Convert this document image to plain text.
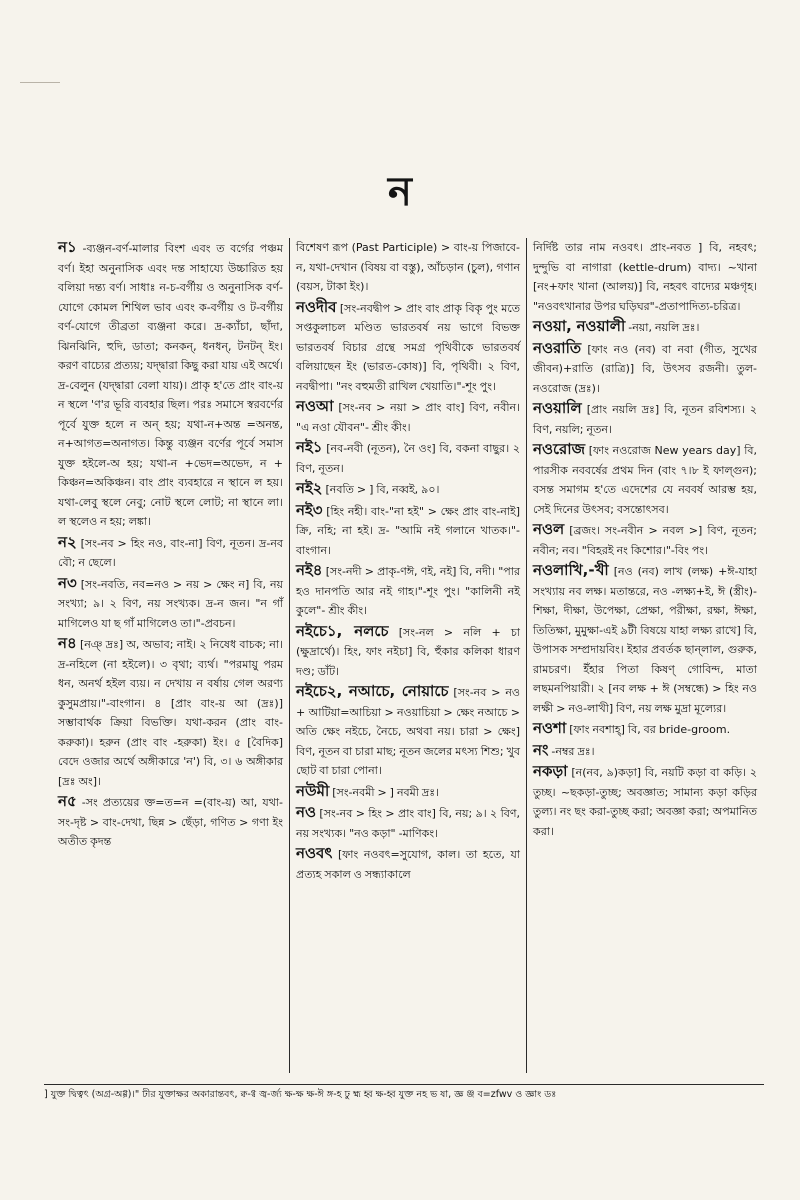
ন

ন১ -ব্যঞ্জন-বর্ণ-মালার বিংশ এবং ত বর্গের পঞ্চম বর্ণ। ইহা অনুনাসিক এবং দন্ত সাহায্যে উচ্চারিত হয় বলিয়া দন্ত্য বর্ণ। সাধাঃ ন-চ-বর্গীয় ও অনুনাসিক বর্ণ-যোগে কোমল শিথিল ভাব এবং ক-বর্গীয় ও ট-বর্গীয় বর্ণ-যোগে তীব্রতা ব্যঞ্জনা করে। দ্র-ক্যাঁচা, ছাঁদা, ঝিনঝিনি, হুদি, ডাতা; কনকন্, ধনধন্, টনটন্ ইং। করণ বাচ্যের প্রত্যয়; যদ্দ্বারা কিছু করা যায় এই অর্থে। দ্র-বেলুন (যদ্দ্বারা বেলা যায়)। প্রাকৃ হ'তে প্রাং বাং-য় ন স্থলে 'ণ'র ভূরি ব্যবহার ছিল। পরঃ সমাসে স্বরবর্ণের পূর্বে যুক্ত হলে ন অন্ হয়; যথা-ন+অন্ত =অনন্ত, ন+আগত=অনাগত। কিন্তু ব্যঞ্জন বর্ণের পূর্বে সমাস যুক্ত হইলে-অ হয়; যথা-ন +ভেদ=অভেদ, ন + কিঞ্চন=অকিঞ্চন। বাং প্রাং ব্যবহারে ন স্থানে ল হয়। যথা-লেবু স্থলে নেবু; নোট স্থলে লোট; না স্থানে লা। ল স্থলেও ন হয়; লঙ্কা।

ন২ [সং-নব > হিং নও, বাং-না] বিণ, নূতন। দ্র-নব বৌ; ন ছেলে।

ন৩ [সং-নবতি, নব=নও > নয় > ক্ষেং ন] বি, নয় সংখ্যা; ৯। ২ বিণ, নয় সংখ্যক। দ্র-ন জন। "ন গাঁ মাগিলেও যা ছ গাঁ মাগিলেও তা।"-প্রবচন।

ন৪ [নঞ্ দ্রঃ] অ, অভাব; নাই। ২ নিষেধ বাচক; না। দ্র-নহিলে (না হইলে)। ৩ বৃথা; ব্যর্থ। "পরমায়ু পরম ধন, অনর্থ হইল ব্যয়। ন দেখায় ন বর্ষায় গেল অরণ্য কুসুমপ্রায়।"-বাংগান। ৪ [প্রাং বাং-য় আ (দ্রঃ)] সম্ভাবার্থক ক্রিয়া বিভক্তি। যথা-করন (প্রাং বাং-করুকা)। হরুন (প্রাং বাং -হরুকা) ইং। ৫ [বৈদিক] বেদে ওজার অর্থে অঙ্গীকারে 'ন') বি, ৩। ৬ অঙ্গীকার [দ্রঃ অং]।

ন৫ -সং প্রত্যয়ের ক্ত=ত=ন =(বাং-য়) আ, যথা-সং-দৃষ্ট > বাং-দেখা, ছিন্ন > ছেঁড়া, গণিত > গণা ইং অতীত কৃদন্ত

বিশেষণ রূপ (Past Participle) > বাং-য় পিজাবে-ন, যথা-দেখান (বিষয় বা বস্তু), আঁচড়ান (চুল), গণান (বয়স, টাকা ইং)।

নওদীব [সং-নবদ্বীপ > প্রাং বাং প্রাকৃ বিকৃ পুং মতে সপ্তকুলাচল মণ্ডিত ভারতবর্ষ নয় ভাগে বিভক্ত ভারতবর্ষ বিচার গ্রন্থে সমগ্র পৃথিবীকে ভারতবর্ষ বলিয়াছেন ইং (ভারত-কোষ)] বি, পৃথিবী। ২ বিণ, নবদ্বীপা। "নং বহুমতী রাখিল খেয়াতি।"-শূং পুং।

নওআ [সং-নব > নয়া > প্রাং বাং] বিণ, নবীন। "এ নওা যৌবন"- শ্রীং কীং।

নই১ [নব-নবী (নূতন), নৈ ওং] বি, বকনা বাছুর। ২ বিণ, নূতন।

নই২ [নবতি > ] বি, নব্বই, ৯০।

নই৩ [হিং নহী। বাং-"না হই" > ক্ষেং প্রাং বাং-নাই] ক্রি, নহি; না হই। দ্র- "আমি নই গলানে খাতক।"-বাংগান।

নই৪ [সং-নদী > প্রাকৃ-ণঈ, ণই, নই] বি, নদী। "পার হও দানপতি আর নই গাহ।"-শূং পুং। "কালিনী নই কুলে"- শ্রীং কীং।

নইচে১, নলচে [সং-নল > নলি + চা (ক্ষুদ্রার্থে)। হিং, ফাং নইচা] বি, হুঁকার কলিকা ধারণ দণ্ড; ডাঁট।

নইচে২, নআচে, নোয়াচে [সং-নব > নও + আটিয়া=আচিয়া > নওয়াচিয়া > ক্ষেং নআচে > অতি ক্ষেং নইচে, নৈচে, অথবা নয়। চারা > ক্ষেং] বিণ, নূতন বা চারা মাছ; নূতন জলের মৎস্য শিশু; খুব ছোট বা চারা পোনা।

নউমী [সং-নবমী > ] নবমী দ্রঃ।

নও [সং-নব > হিং > প্রাং বাং] বি, নয়; ৯। ২ বিণ, নয় সংখ্যক। "নও কড়া" -মাণিকং।

নওবৎ [ফাং নওবৎ=সুযোগ, কাল। তা হতে, যা প্রত্যহ সকাল ও সন্ধ্যাকালে

নির্দিষ্ট তার নাম নওবৎ। প্রাং-নবত ] বি, নহবৎ; দুন্দুভি বা নাগারা (kettle-drum) বাদ্য। ~খানা [নং+ফাং খানা (আলয়)] বি, নহবৎ বাদ্যের মঞ্চগৃহ। "নওবৎখানার উপর ঘড়িঘর"-প্রতাপাদিত্য-চরিত্র।

নওয়া, নওয়ালী -নয়া, নয়লি দ্রঃ।

নওরাতি [ফাং নও (নব) বা নবা (গীত, সুখের জীবন)+রাতি (রাত্রি)] বি, উৎসব রজনী। তুল-নওরোজ (দ্রঃ)।

নওয়ালি [প্রাং নয়লি দ্রঃ] বি, নূতন রবিশস্য। ২ বিণ, নয়লি; নূতন।

নওরোজ [ফাং নওরোজ New years day] বি, পারসীক নববর্ষের প্রথম দিন (বাং ৭।৮ ই ফাল্গুন); বসন্ত সমাগম হ'তে এদেশের যে নববর্ষ আরম্ভ হয়, সেই দিনের উৎসব; বসন্তোৎসব।

নওল [ব্রজং। সং-নবীন > নবল >] বিণ, নূতন; নবীন; নব। "বিহরই নং কিশোর।"-বিং পং।

নওলাখি,-খী [নও (নব) লাখ (লক্ষ) +ঈ-যাহা সংখ্যায় নব লক্ষ। মতান্তরে, নও -লক্ষ্য+ই, ঈ (স্ত্রীং)-শিক্ষা, দীক্ষা, উপেক্ষা, প্রেক্ষা, পরীক্ষা, রক্ষা, ঈক্ষা, তিতিক্ষা, মুমুক্ষা-এই ৯টী বিষয়ে যাহা লক্ষ্য রাখে] বি, উপাসক সম্প্রদায়বিং। ইহার প্রবর্তক ছান্লাল, গুরুক, রামচরণ। ইঁহার পিতা কিষণ্ গোবিন্দ, মাতা লছমনপিয়ারী। ২ [নব লক্ষ + ঈ (সম্বন্ধে) > হিং নও লক্ষী > নও-লাখী] বিণ, নয় লক্ষ মুদ্রা মূল্যের।

নওশা [ফাং নবশাহ্] বি, বর bride-groom.

নং -নম্বর দ্রঃ।

নকড়া [ন(নব, ৯)কড়া] বি, নয়টি কড়া বা কড়ি। ২ তুচ্ছ। ~ছকড়া-তুচ্ছ; অবজ্ঞাত; সামান্য কড়া কড়ির তুল্য। নং ছং করা-তুচ্ছ করা; অবজ্ঞা করা; অপমানিত করা।

] যুক্ত দ্বিত্বৎ (অগ্র-অগ্গ)।" ঢীর যুক্তাক্ষর অকারান্তবৎ, ক্ব-গ্ব জ্ব-র্জ্য ক্ষ-ক্ষ ক্ষ-ঈ ঙ্গ-হ ঢু হ্ম হ্ব ক্ষ-হ্ব যুক্ত নহ ভ ষা, জ্ঞ ঞ্জ ব=zfwv ও জ্ঞাং ডঃ
